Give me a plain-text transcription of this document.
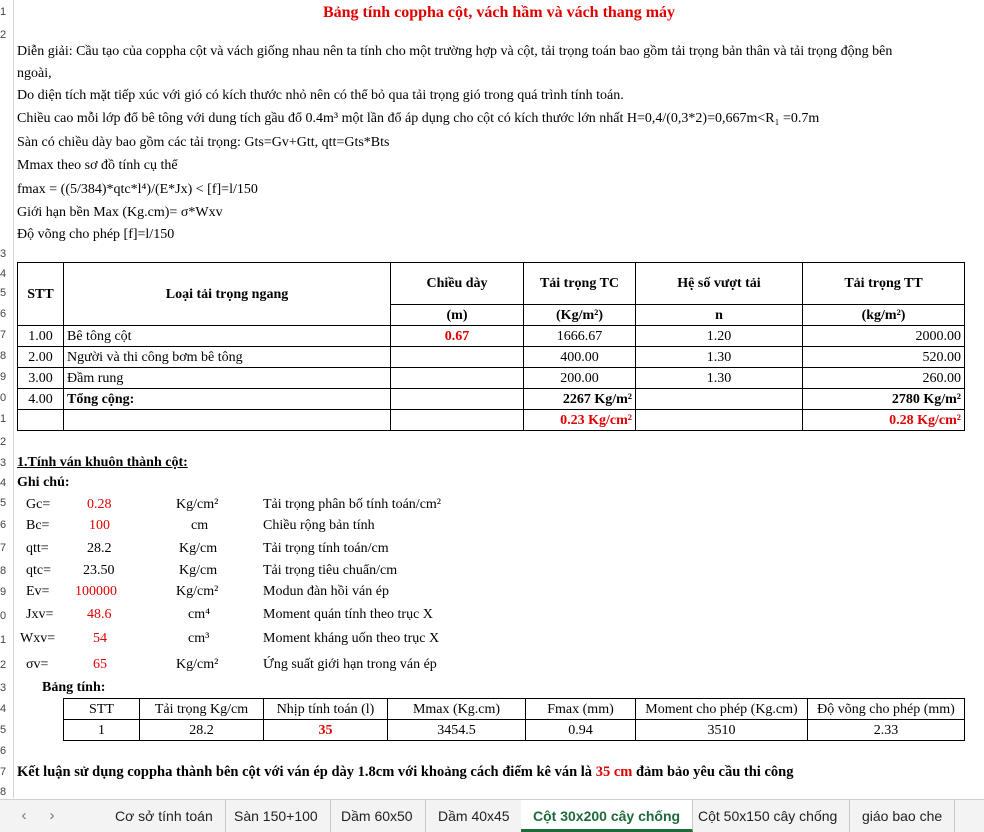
1
2
3
4
5
6
7
8
9
0
1
2
3
4
5
6
7
8
9
0
1
2
3
4
5
6
7
8
Bảng tính coppha cột, vách hầm và vách thang máy
Diễn giải: Cầu tạo của coppha cột và vách giống nhau nên ta tính cho một trường hợp và cột, tải trọng toán bao gồm tải trọng bản thân và tải trọng động bên
ngoài,
Do diện tích mặt tiếp xúc với gió có kích thước nhỏ nên có thể bỏ qua tải trọng gió trong quá trình tính toán.
Chiều cao mỗi lớp đổ bê tông với dung tích gầu đổ 0.4m³ một lần đổ áp dụng cho cột có kích thước lớn nhất H=0,4/(0,3*2)=0,667m<R₁ =0.7m
Sàn có chiều dày bao gồm các tải trọng: Gts=Gv+Gtt, qtt=Gts*Bts
Mmax theo sơ đồ tính cụ thể
fmax = ((5/384)*qtc*l⁴)/(E*Jx) < [f]=l/150
Giới hạn bền Max (Kg.cm)= σ*Wxv
Độ võng cho phép [f]=l/150
STT	Loại tải trọng ngang	Chiều dày	Tải trọng TC	Hệ số vượt tải	Tải trọng TT
		(m)	(Kg/m²)	n	(kg/m²)
1.00	Bê tông cột	0.67	1666.67	1.20	2000.00
2.00	Người và thi công bơm bê tông		400.00	1.30	520.00
3.00	Đầm rung		200.00	1.30	260.00
4.00	Tổng cộng:		2267 Kg/m²		2780 Kg/m²
			0.23 Kg/cm²		0.28 Kg/cm²
1.Tính ván khuôn thành cột:
Ghi chú:
Gc=	0.28	Kg/cm²	Tải trọng phân bố tính toán/cm²
Bc=	100	cm	Chiều rộng bản tính
qtt=	28.2	Kg/cm	Tải trọng tính toán/cm
qtc= 23.50	Kg/cm	Tải trọng tiêu chuẩn/cm
Ev= 100000	Kg/cm²	Modun đàn hồi ván ép
Jxv= 48.6	cm⁴	Moment quán tính theo trục X
Wxv=	54	cm³	Moment kháng uốn theo trục X
σv=	65	Kg/cm²	Ứng suất giới hạn trong ván ép
Bảng tính:
STT	Tải trọng Kg/cm	Nhịp tính toán (l)	Mmax (Kg.cm)	Fmax (mm)	Moment cho phép (Kg.cm)	Độ võng cho phép (mm)
1	28.2	35	3454.5	0.94	3510	2.33
Kết luận sử dụng coppha thành bên cột với ván ép dày 1.8cm với khoảng cách điểm kê ván là 35 cm đảm bảo yêu cầu thi công
‹	›	Cơ sở tính toán	Sàn 150+100	Dầm 60x50	Dầm 40x45	Cột 30x200 cây chống	Cột 50x150 cây chống	giáo bao che
